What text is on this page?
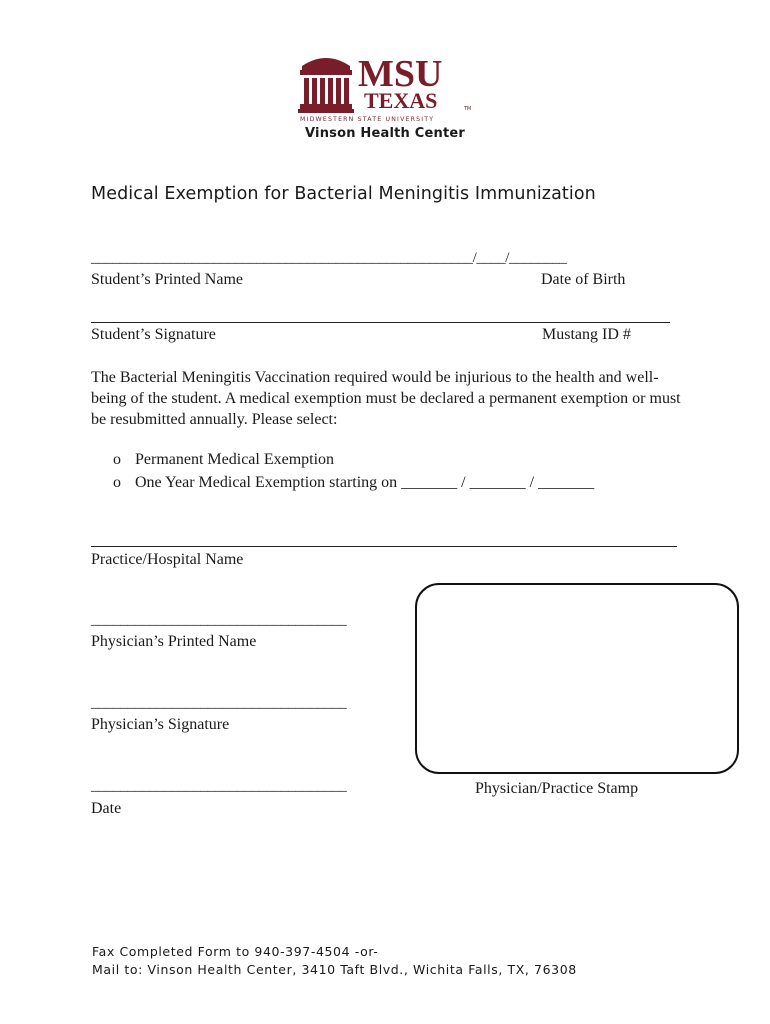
MSU
TEXAS	TM
MIDWESTERN STATE UNIVERSITY
Vinson Health Center
Medical Exemption for Bacterial Meningitis Immunization
_____________________________________________________/____/________
Student’s Printed Name	Date of Birth
Student’s Signature	Mustang ID #
The Bacterial Meningitis Vaccination required would be injurious to the health and well-being of the student. A medical exemption must be declared a permanent exemption or must be resubmitted annually. Please select:
o Permanent Medical Exemption
o One Year Medical Exemption starting on _______ / _______ / _______
Practice/Hospital Name
___________________________________
Physician’s Printed Name
___________________________________
Physician’s Signature
___________________________________
Date
Physician/Practice Stamp
Fax Completed Form to 940-397-4504 -or-
Mail to: Vinson Health Center, 3410 Taft Blvd., Wichita Falls, TX, 76308
